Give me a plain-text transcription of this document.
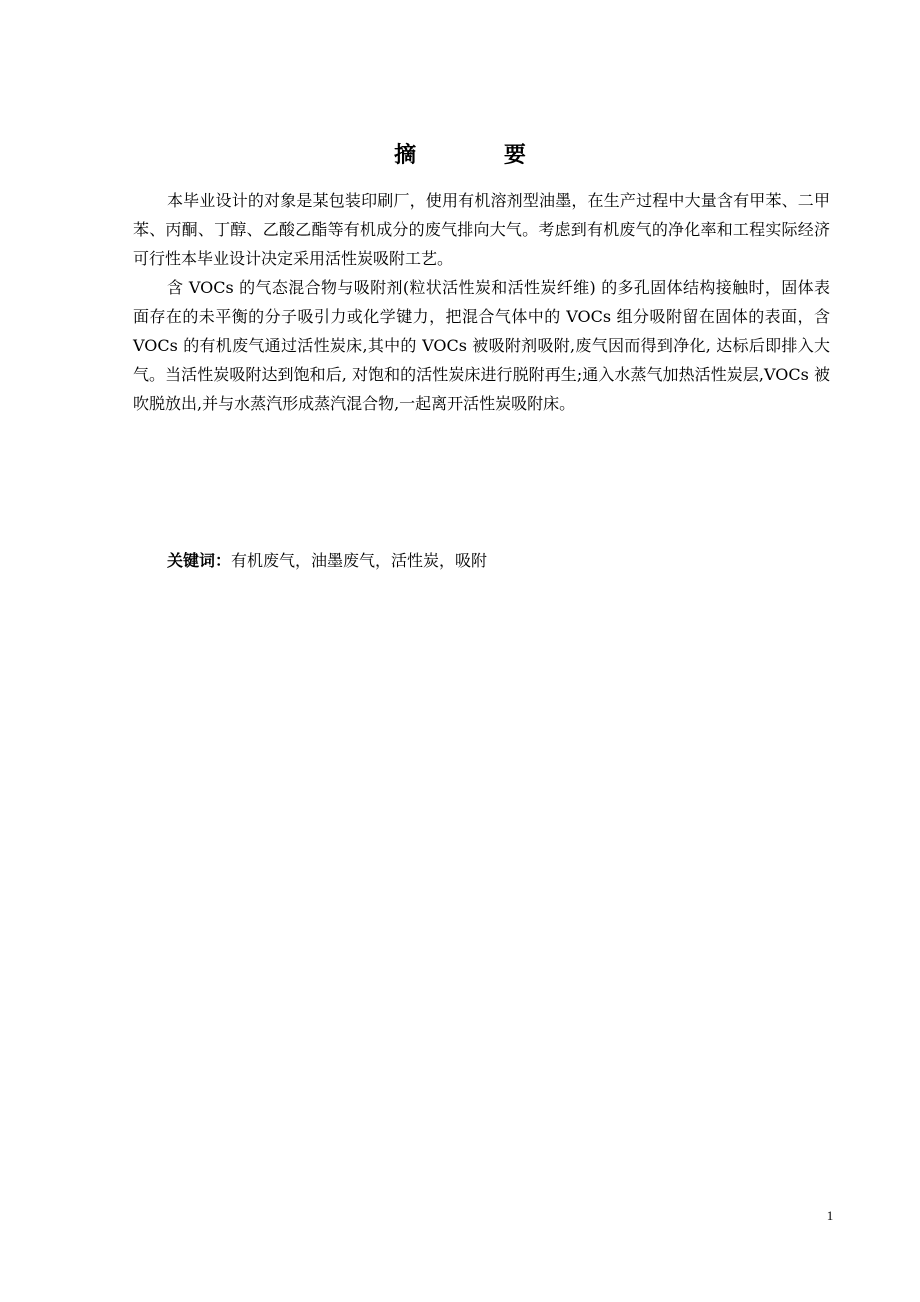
摘 要

本毕业设计的对象是某包装印刷厂，使用有机溶剂型油墨，在生产过程中大量含有甲苯、二甲苯、丙酮、丁醇、乙酸乙酯等有机成分的废气排向大气。考虑到有机废气的净化率和工程实际经济可行性本毕业设计决定采用活性炭吸附工艺。

含 VOCs 的气态混合物与吸附剂(粒状活性炭和活性炭纤维) 的多孔固体结构接触时，固体表面存在的未平衡的分子吸引力或化学键力，把混合气体中的 VOCs 组分吸附留在固体的表面，含 VOCs 的有机废气通过活性炭床,其中的 VOCs 被吸附剂吸附,废气因而得到净化, 达标后即排入大气。当活性炭吸附达到饱和后, 对饱和的活性炭床进行脱附再生;通入水蒸气加热活性炭层,VOCs 被吹脱放出,并与水蒸汽形成蒸汽混合物,一起离开活性炭吸附床。

关键词：有机废气，油墨废气，活性炭，吸附
1
